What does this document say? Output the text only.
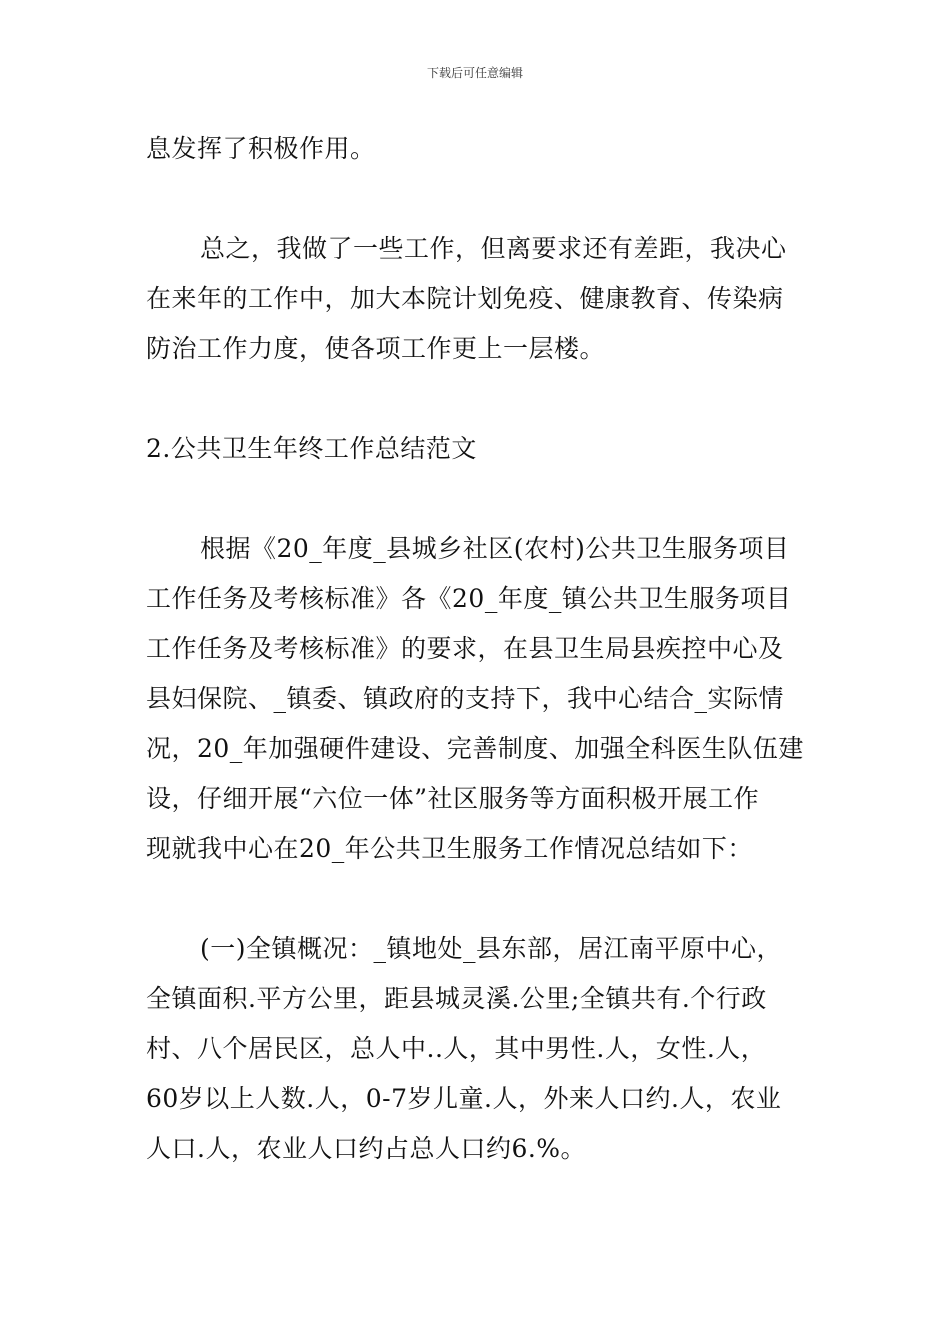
下载后可任意编辑
息发挥了积极作用。
总之，我做了一些工作，但离要求还有差距，我决心
在来年的工作中，加大本院计划免疫、健康教育、传染病
防治工作力度，使各项工作更上一层楼。
2.公共卫生年终工作总结范文
根据《20_年度_县城乡社区(农村)公共卫生服务项目
工作任务及考核标准》各《20_年度_镇公共卫生服务项目
工作任务及考核标准》的要求，在县卫生局县疾控中心及
县妇保院、_镇委、镇政府的支持下，我中心结合_实际情
况，20_年加强硬件建设、完善制度、加强全科医生队伍建
设，仔细开展“六位一体”社区服务等方面积极开展工作
现就我中心在20_年公共卫生服务工作情况总结如下：
(一)全镇概况：_镇地处_县东部，居江南平原中心，
全镇面积.平方公里，距县城灵溪.公里;全镇共有.个行政
村、八个居民区，总人中..人，其中男性.人，女性.人，
60岁以上人数.人，0-7岁儿童.人，外来人口约.人，农业
人口.人，农业人口约占总人口约6.%。
